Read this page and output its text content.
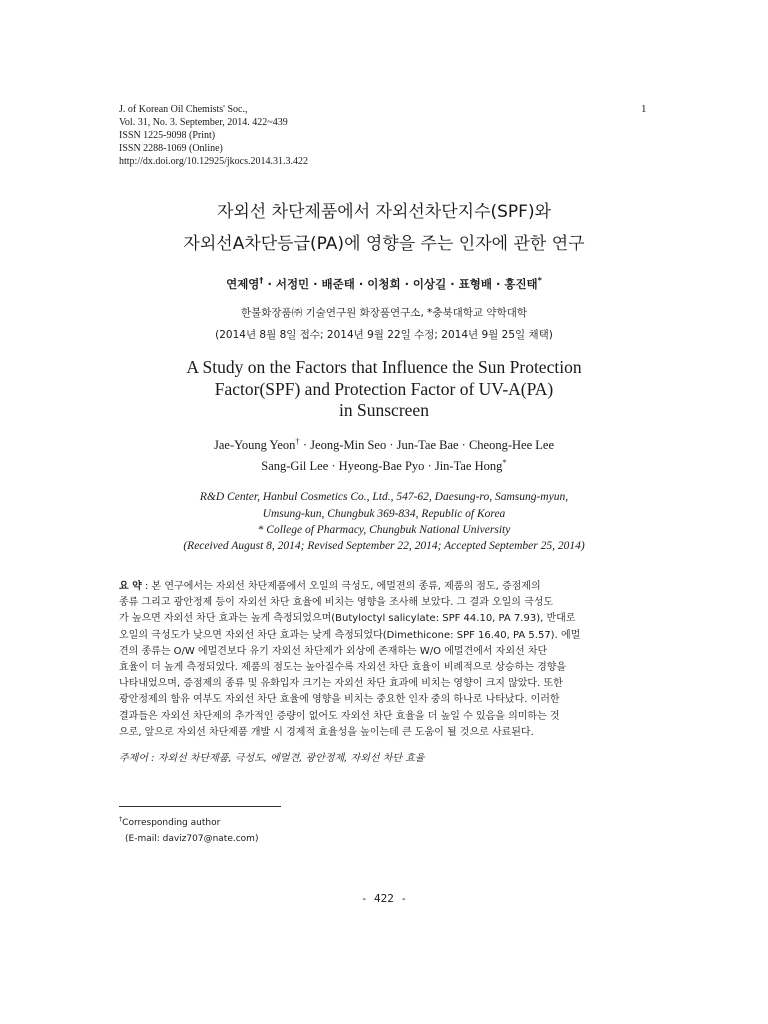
J. of Korean Oil Chemists' Soc.,
Vol. 31, No. 3. September, 2014. 422~439
ISSN 1225-9098 (Print)
ISSN 2288-1069 (Online)
http://dx.doi.org/10.12925/jkocs.2014.31.3.422
1
자외선 차단제품에서 자외선차단지수(SPF)와
자외선A차단등급(PA)에 영향을 주는 인자에 관한 연구
연제영† · 서정민 · 배준태 · 이청희 · 이상길 · 표형배 · 홍진태*
한불화장품㈜ 기술연구원 화장품연구소, *충북대학교 약학대학
(2014년 8월 8일 접수; 2014년 9월 22일 수정; 2014년 9월 25일 채택)
A Study on the Factors that Influence the Sun Protection
Factor(SPF) and Protection Factor of UV-A(PA)
in Sunscreen
Jae-Young Yeon† · Jeong-Min Seo · Jun-Tae Bae · Cheong-Hee Lee
Sang-Gil Lee · Hyeong-Bae Pyo · Jin-Tae Hong*
R&D Center, Hanbul Cosmetics Co., Ltd., 547-62, Daesung-ro, Samsung-myun,
Umsung-kun, Chungbuk 369-834, Republic of Korea
* College of Pharmacy, Chungbuk National University
(Received August 8, 2014; Revised September 22, 2014; Accepted September 25, 2014)
요 약 : 본 연구에서는 자외선 차단제품에서 오일의 극성도, 에멀젼의 종류, 제품의 점도, 증점제의
종류 그리고 광안정제 등이 자외선 차단 효율에 비치는 영향을 조사해 보았다. 그 결과 오일의 극성도
가 높으면 자외선 차단 효과는 높게 측정되었으며(Butyloctyl salicylate: SPF 44.10, PA 7.93), 반대로
오일의 극성도가 낮으면 자외선 차단 효과는 낮게 측정되었다(Dimethicone: SPF 16.40, PA 5.57). 에멀
견의 종류는 O/W 에멀견보다 유기 자외선 차단제가 외상에 존재하는 W/O 에멀견에서 자외선 차단
효율이 더 높게 측정되었다. 제품의 점도는 높아질수록 자외선 차단 효율이 비례적으로 상승하는 경향을
나타내었으며, 증점제의 종류 및 유화입자 크기는 자외선 차단 효과에 비치는 영향이 크지 않았다. 또한
광안정제의 함유 여부도 자외선 차단 효율에 영향을 비치는 중요한 인자 중의 하나로 나타났다. 이러한
결과들은 자외선 차단제의 추가적인 증량이 없어도 자외선 차단 효율을 더 높일 수 있음을 의미하는 것
으로, 앞으로 자외선 차단제품 개발 시 경제적 효율성을 높이는데 큰 도움이 될 것으로 사료된다.
주제어 : 자외선 차단제품, 극성도, 에멀견, 광안정제, 자외선 차단 효율
†Corresponding author
(E-mail: daviz707@nate.com)
- 422 -
